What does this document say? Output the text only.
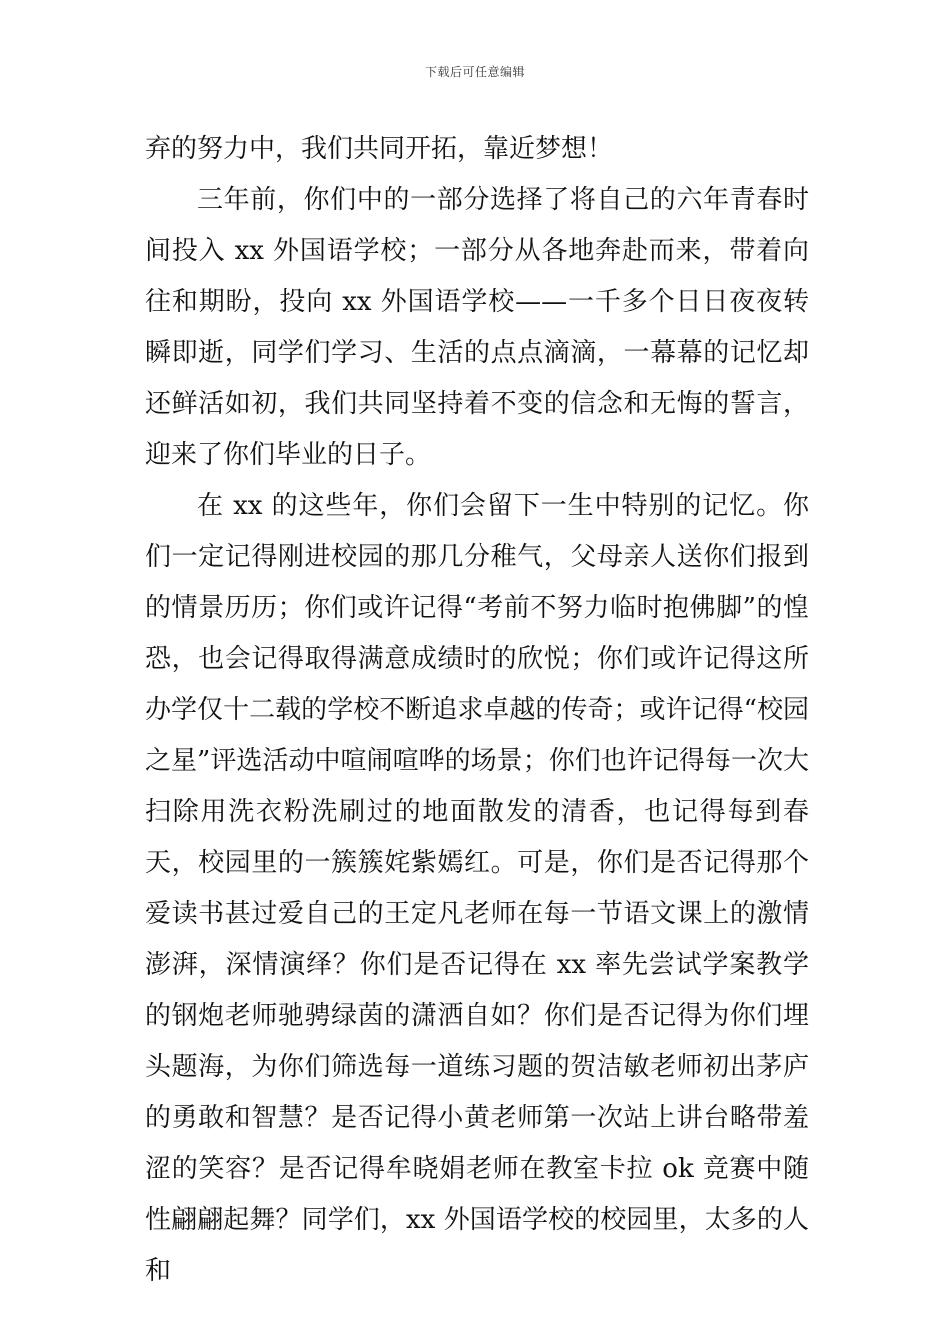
下载后可任意编辑

弃的努力中，我们共同开拓，靠近梦想！

三年前，你们中的一部分选择了将自己的六年青春时间投入 xx 外国语学校；一部分从各地奔赴而来，带着向往和期盼，投向 xx 外国语学校——一千多个日日夜夜转瞬即逝，同学们学习、生活的点点滴滴，一幕幕的记忆却还鲜活如初，我们共同坚持着不变的信念和无悔的誓言，迎来了你们毕业的日子。

在 xx 的这些年，你们会留下一生中特别的记忆。你们一定记得刚进校园的那几分稚气，父母亲人送你们报到的情景历历；你们或许记得“考前不努力临时抱佛脚”的惶恐，也会记得取得满意成绩时的欣悦；你们或许记得这所办学仅十二载的学校不断追求卓越的传奇；或许记得“校园之星”评选活动中喧闹喧哗的场景；你们也许记得每一次大扫除用洗衣粉洗刷过的地面散发的清香，也记得每到春天，校园里的一簇簇姹紫嫣红。可是，你们是否记得那个爱读书甚过爱自己的王定凡老师在每一节语文课上的激情澎湃，深情演绎？你们是否记得在 xx 率先尝试学案教学的钢炮老师驰骋绿茵的潇洒自如？你们是否记得为你们埋头题海，为你们筛选每一道练习题的贺洁敏老师初出茅庐的勇敢和智慧？是否记得小黄老师第一次站上讲台略带羞涩的笑容？是否记得牟晓娟老师在教室卡拉 ok 竞赛中随性翩翩起舞？同学们，xx 外国语学校的校园里，太多的人和
